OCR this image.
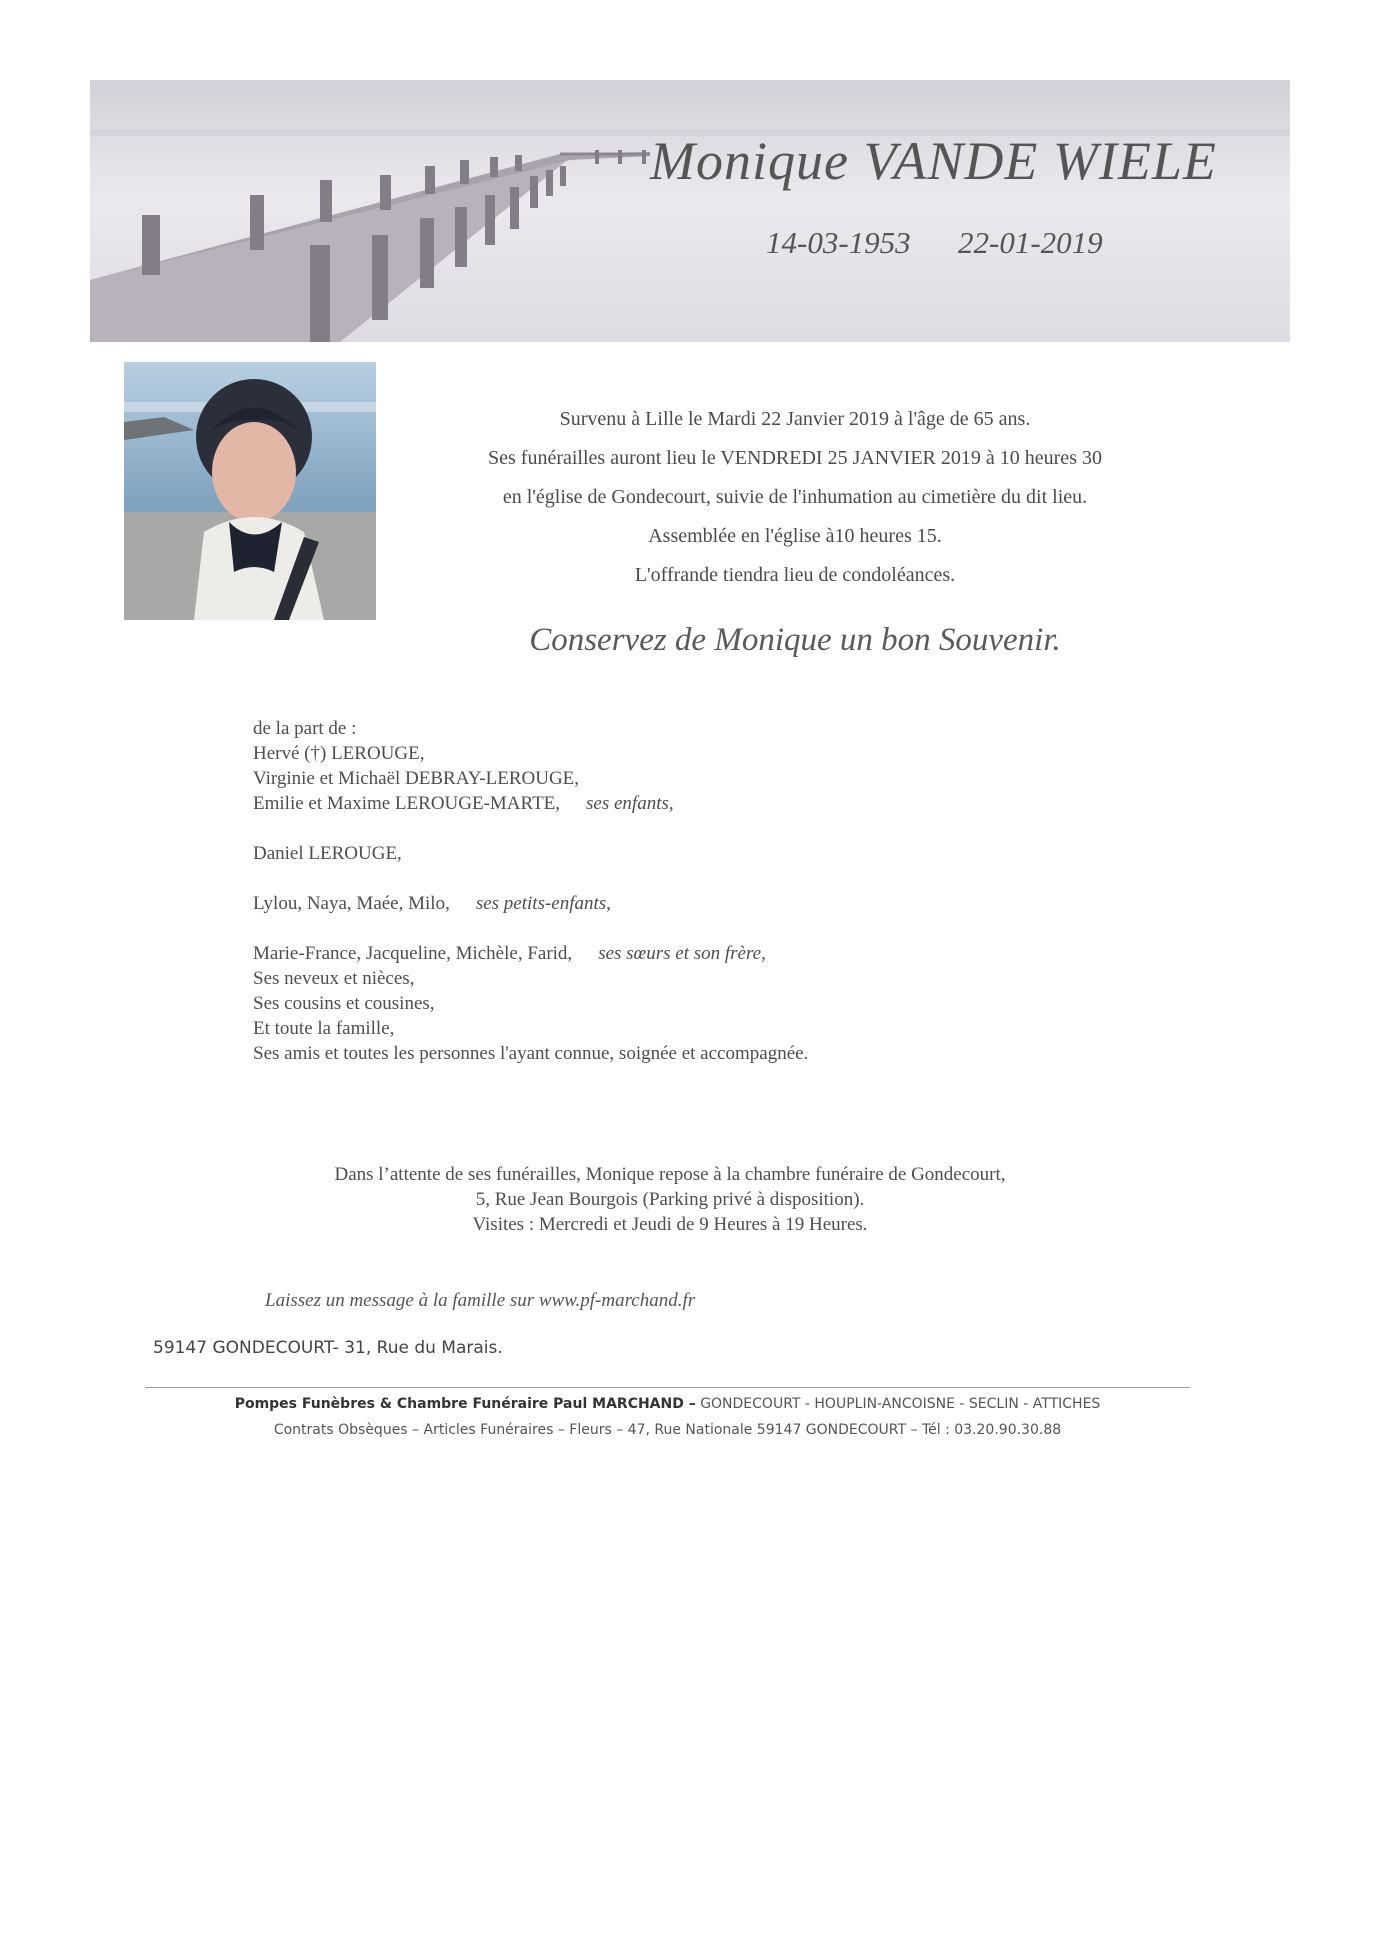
Monique VANDE WIELE
14-03-1953 22-01-2019

Survenu à Lille le Mardi 22 Janvier 2019 à l'âge de 65 ans.

Ses funérailles auront lieu le VENDREDI 25 JANVIER 2019 à 10 heures 30

en l'église de Gondecourt, suivie de l'inhumation au cimetière du dit lieu.

Assemblée en l'église à10 heures 15.

L'offrande tiendra lieu de condoléances.

Conservez de Monique un bon Souvenir.
de la part de :
Hervé (†) LEROUGE,
Virginie et Michaël DEBRAY-LEROUGE,
Emilie et Maxime LEROUGE-MARTE, ses enfants,
Daniel LEROUGE,
Lylou, Naya, Maée, Milo, ses petits-enfants,
Marie-France, Jacqueline, Michèle, Farid, ses sœurs et son frère,
Ses neveux et nièces,
Ses cousins et cousines,
Et toute la famille,
Ses amis et toutes les personnes l'ayant connue, soignée et accompagnée.

Dans l’attente de ses funérailles, Monique repose à la chambre funéraire de Gondecourt,

5, Rue Jean Bourgois (Parking privé à disposition).

Visites : Mercredi et Jeudi de 9 Heures à 19 Heures.

Laissez un message à la famille sur www.pf-marchand.fr
59147 GONDECOURT- 31, Rue du Marais.

Pompes Funèbres & Chambre Funéraire Paul MARCHAND – GONDECOURT - HOUPLIN-ANCOISNE - SECLIN - ATTICHES

Contrats Obsèques – Articles Funéraires – Fleurs – 47, Rue Nationale 59147 GONDECOURT – Tél : 03.20.90.30.88
